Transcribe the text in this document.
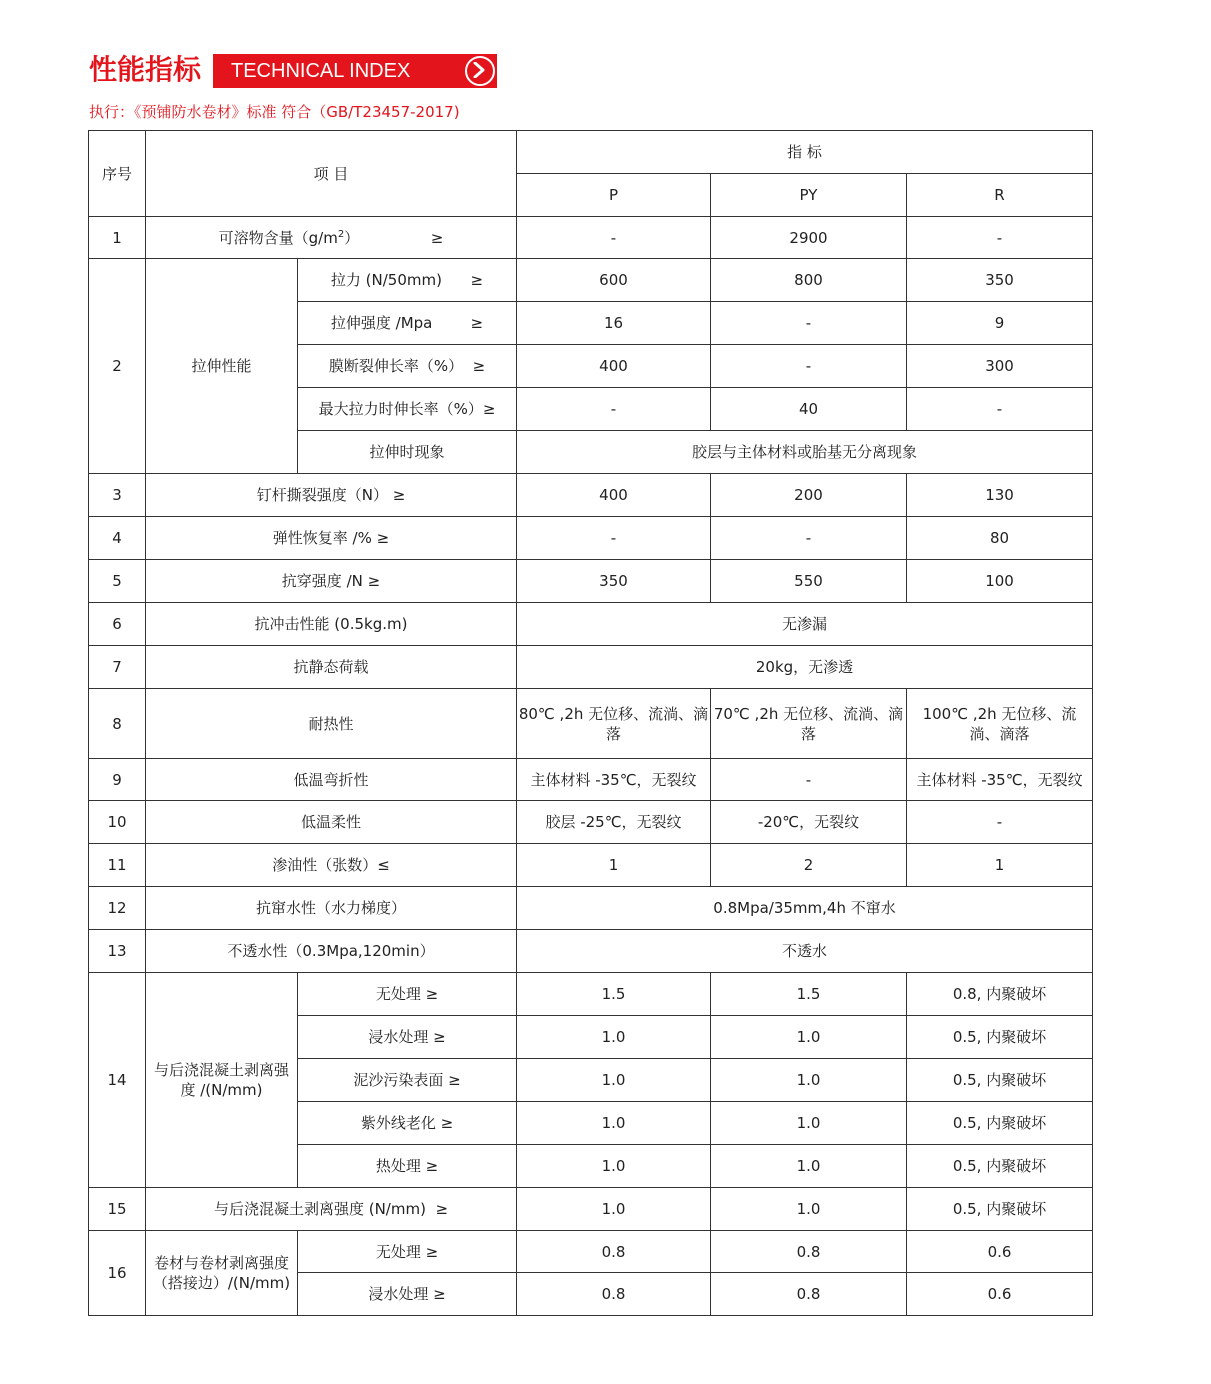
性能指标 TECHNICAL INDEX
执行：《预铺防水卷材》标准 符合（GB/T23457-2017)
序号	项 目		指 标		
			P	PY	R
1	可溶物含量$(g/m^2)$               ≥		-	2900	-
2	拉伸性能	拉力 (N/50mm)      ≥	600	800	350
		拉伸强度 /Mpa        ≥	16	-	9
		膜断裂伸长率（%）  ≥	400	-	300
		最大拉力时伸长率（%）≥	-	40	-
		拉伸时现象	胶层与主体材料或胎基无分离现象		
3	钉杆撕裂强度（N） ≥		400	200	130
4	弹性恢复率 /% ≥		-	-	80
5	抗穿强度 /N ≥		350	550	100
6	抗冲击性能 (0.5kg.m)		无渗漏		
7	抗静态荷载		20kg，无渗透		
8	耐热性		80℃ ,2h 无位移、流淌、滴落	70℃ ,2h 无位移、流淌、滴落	100℃ ,2h 无位移、流淌、滴落
9	低温弯折性		主体材料 -35℃，无裂纹	-	主体材料 -35℃，无裂纹
10	低温柔性		胶层 -25℃，无裂纹	-20℃，无裂纹	-
11	渗油性（张数）≤		1	2	1
12	抗窜水性（水力梯度）		0.8Mpa/35mm,4h 不窜水		
13	不透水性（0.3Mpa,120min）		不透水		
14	与后浇混凝土剥离强度 /(N/mm)	无处理 ≥	1.5	1.5	0.8, 内聚破坏
		浸水处理 ≥	1.0	1.0	0.5, 内聚破坏
		泥沙污染表面 ≥	1.0	1.0	0.5, 内聚破坏
		紫外线老化 ≥	1.0	1.0	0.5, 内聚破坏
		热处理 ≥	1.0	1.0	0.5, 内聚破坏
15	与后浇混凝土剥离强度 (N/mm)  ≥		1.0	1.0	0.5, 内聚破坏
16	卷材与卷材剥离强度（搭接边）/(N/mm)	无处理 ≥	0.8	0.8	0.6
		浸水处理 ≥	0.8	0.8	0.6
